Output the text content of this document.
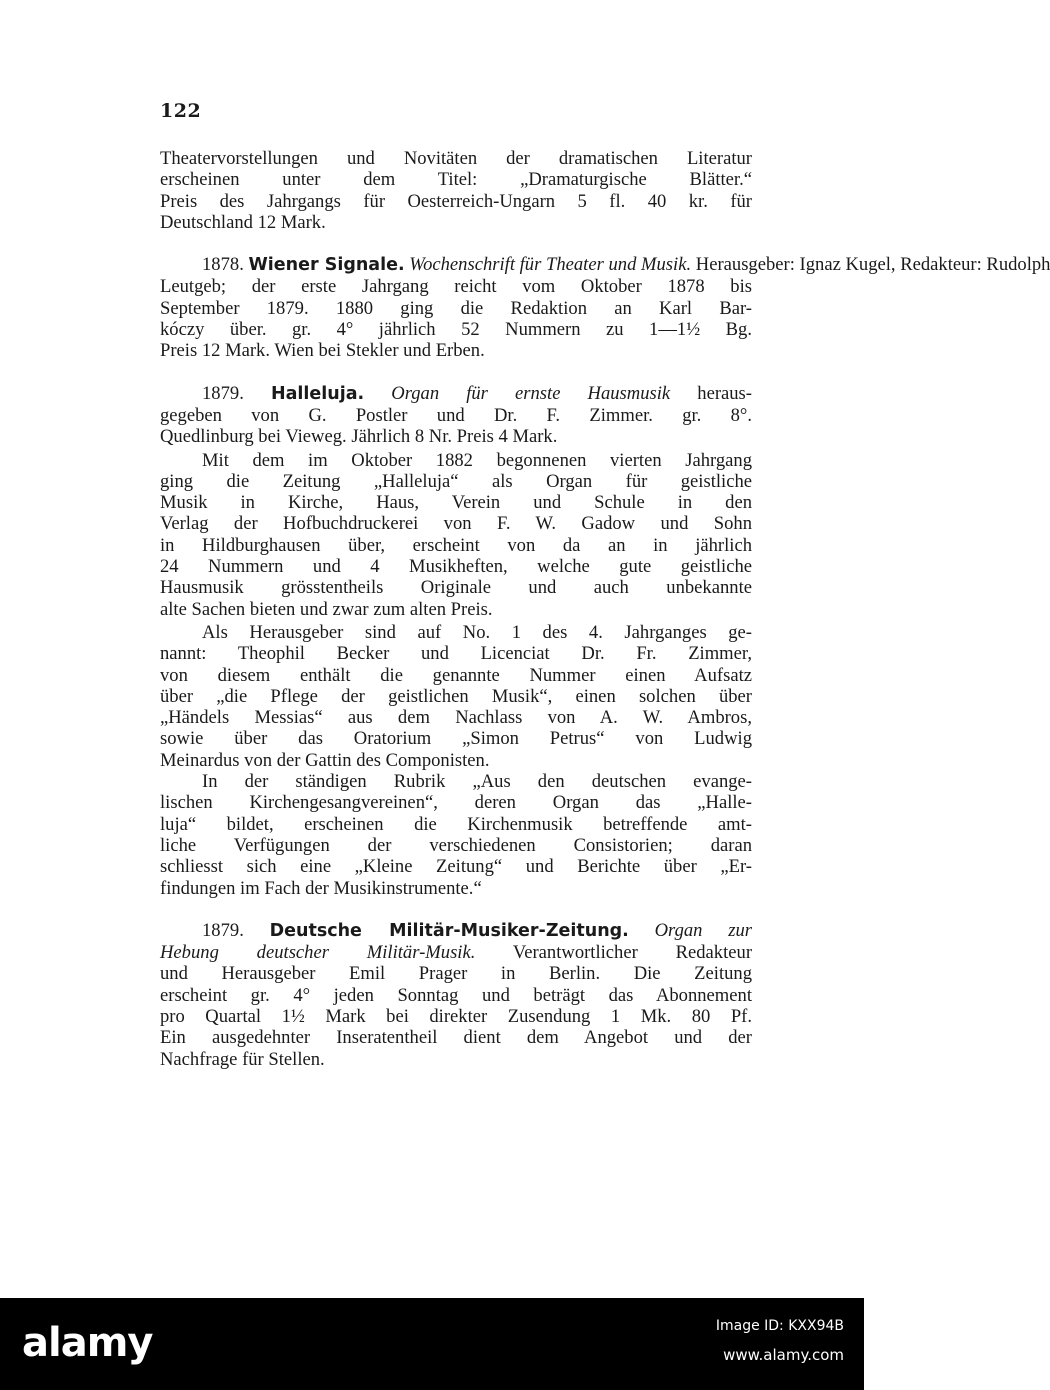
122
Theatervorstellungen und Novitäten der dramatischen Literatur
erscheinen unter dem Titel: „Dramaturgische Blätter.“
Preis des Jahrgangs für Oesterreich-Ungarn 5 fl. 40 kr. für
Deutschland 12 Mark.
1878. Wiener Signale. Wochenschrift für Theater und Musik. Herausgeber: Ignaz Kugel, Redakteur: Rudolph
Leutgeb; der erste Jahrgang reicht vom Oktober 1878 bis
September 1879. 1880 ging die Redaktion an Karl Bar-
kóczy über. gr. 4° jährlich 52 Nummern zu 1—1½ Bg.
Preis 12 Mark. Wien bei Stekler und Erben.
1879. Halleluja. Organ für ernste Hausmusik heraus-
gegeben von G. Postler und Dr. F. Zimmer. gr. 8°.
Quedlinburg bei Vieweg. Jährlich 8 Nr. Preis 4 Mark.
Mit dem im Oktober 1882 begonnenen vierten Jahrgang
ging die Zeitung „Halleluja“ als Organ für geistliche
Musik in Kirche, Haus, Verein und Schule in den
Verlag der Hofbuchdruckerei von F. W. Gadow und Sohn
in Hildburghausen über, erscheint von da an in jährlich
24 Nummern und 4 Musikheften, welche gute geistliche
Hausmusik grösstentheils Originale und auch unbekannte
alte Sachen bieten und zwar zum alten Preis.
Als Herausgeber sind auf No. 1 des 4. Jahrganges ge-
nannt: Theophil Becker und Licenciat Dr. Fr. Zimmer,
von diesem enthält die genannte Nummer einen Aufsatz
über „die Pflege der geistlichen Musik“, einen solchen über
„Händels Messias“ aus dem Nachlass von A. W. Ambros,
sowie über das Oratorium „Simon Petrus“ von Ludwig
Meinardus von der Gattin des Componisten.
In der ständigen Rubrik „Aus den deutschen evange-
lischen Kirchengesangvereinen“, deren Organ das „Halle-
luja“ bildet, erscheinen die Kirchenmusik betreffende amt-
liche Verfügungen der verschiedenen Consistorien; daran
schliesst sich eine „Kleine Zeitung“ und Berichte über „Er-
findungen im Fach der Musikinstrumente.“
1879. Deutsche Militär-Musiker-Zeitung. Organ zur
Hebung deutscher Militär-Musik. Verantwortlicher Redakteur
und Herausgeber Emil Prager in Berlin. Die Zeitung
erscheint gr. 4° jeden Sonntag und beträgt das Abonnement
pro Quartal 1½ Mark bei direkter Zusendung 1 Mk. 80 Pf.
Ein ausgedehnter Inseratentheil dient dem Angebot und der
Nachfrage für Stellen.
alamy	Image ID: KXX94B
www.alamy.com
